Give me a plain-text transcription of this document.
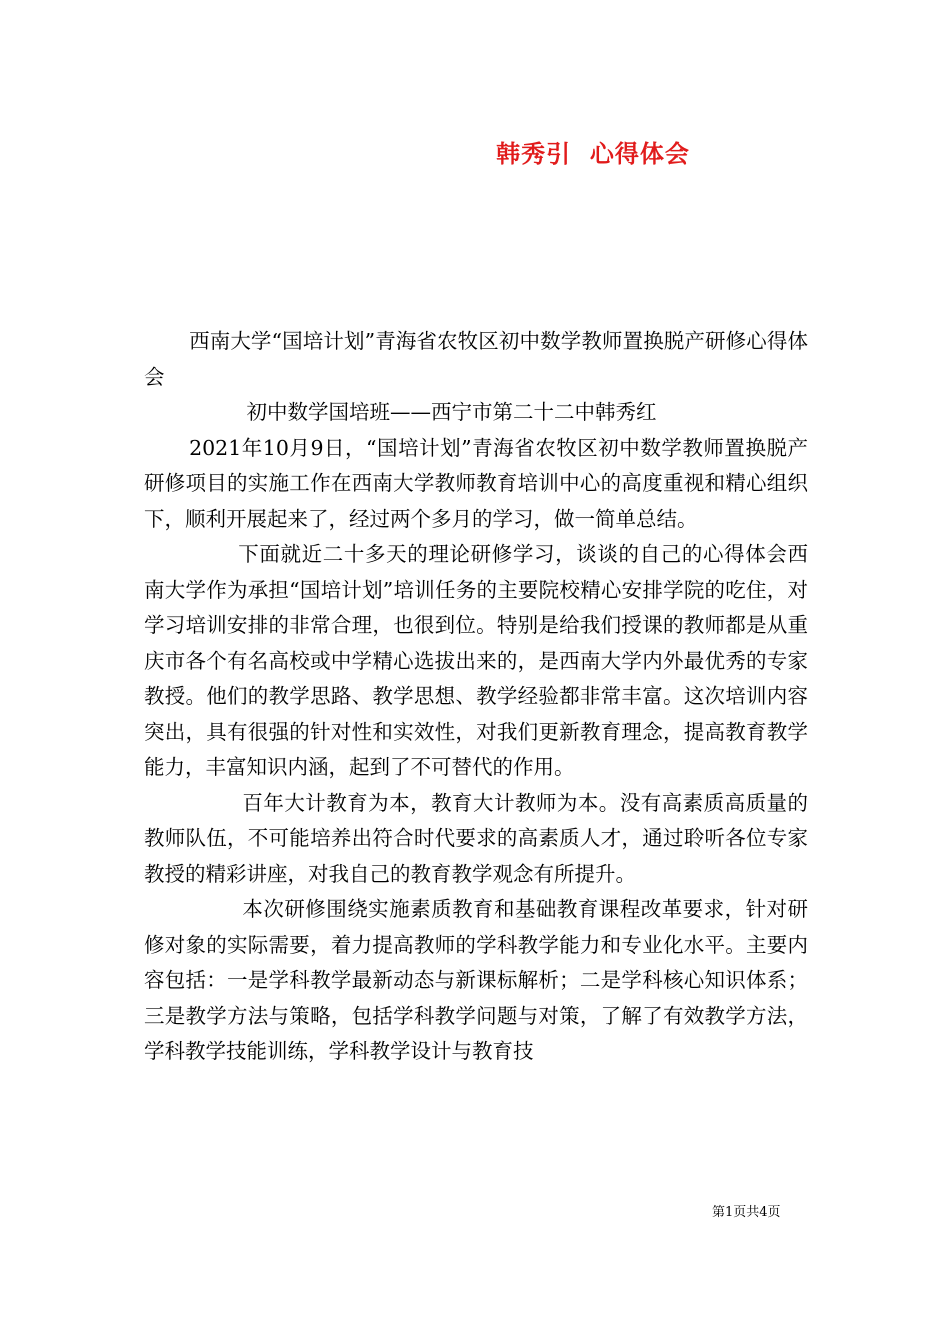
韩秀引  心得体会

西南大学“国培计划”青海省农牧区初中数学教师置换脱产研修心得体会

初中数学国培班——西宁市第二十二中韩秀红

2021年10月9日，“国培计划”青海省农牧区初中数学教师置换脱产研修项目的实施工作在西南大学教师教育培训中心的高度重视和精心组织下，顺利开展起来了，经过两个多月的学习，做一简单总结。

下面就近二十多天的理论研修学习，谈谈的自己的心得体会西南大学作为承担“国培计划”培训任务的主要院校精心安排学院的吃住，对学习培训安排的非常合理，也很到位。特别是给我们授课的教师都是从重庆市各个有名高校或中学精心选拔出来的，是西南大学内外最优秀的专家教授。他们的教学思路、教学思想、教学经验都非常丰富。这次培训内容突出，具有很强的针对性和实效性，对我们更新教育理念，提高教育教学能力，丰富知识内涵，起到了不可替代的作用。

百年大计教育为本，教育大计教师为本。没有高素质高质量的教师队伍，不可能培养出符合时代要求的高素质人才，通过聆听各位专家教授的精彩讲座，对我自己的教育教学观念有所提升。

本次研修围绕实施素质教育和基础教育课程改革要求，针对研修对象的实际需要，着力提高教师的学科教学能力和专业化水平。主要内容包括：一是学科教学最新动态与新课标解析；二是学科核心知识体系；三是教学方法与策略，包括学科教学问题与对策，了解了有效教学方法，学科教学技能训练，学科教学设计与教育技

第1页共4页
